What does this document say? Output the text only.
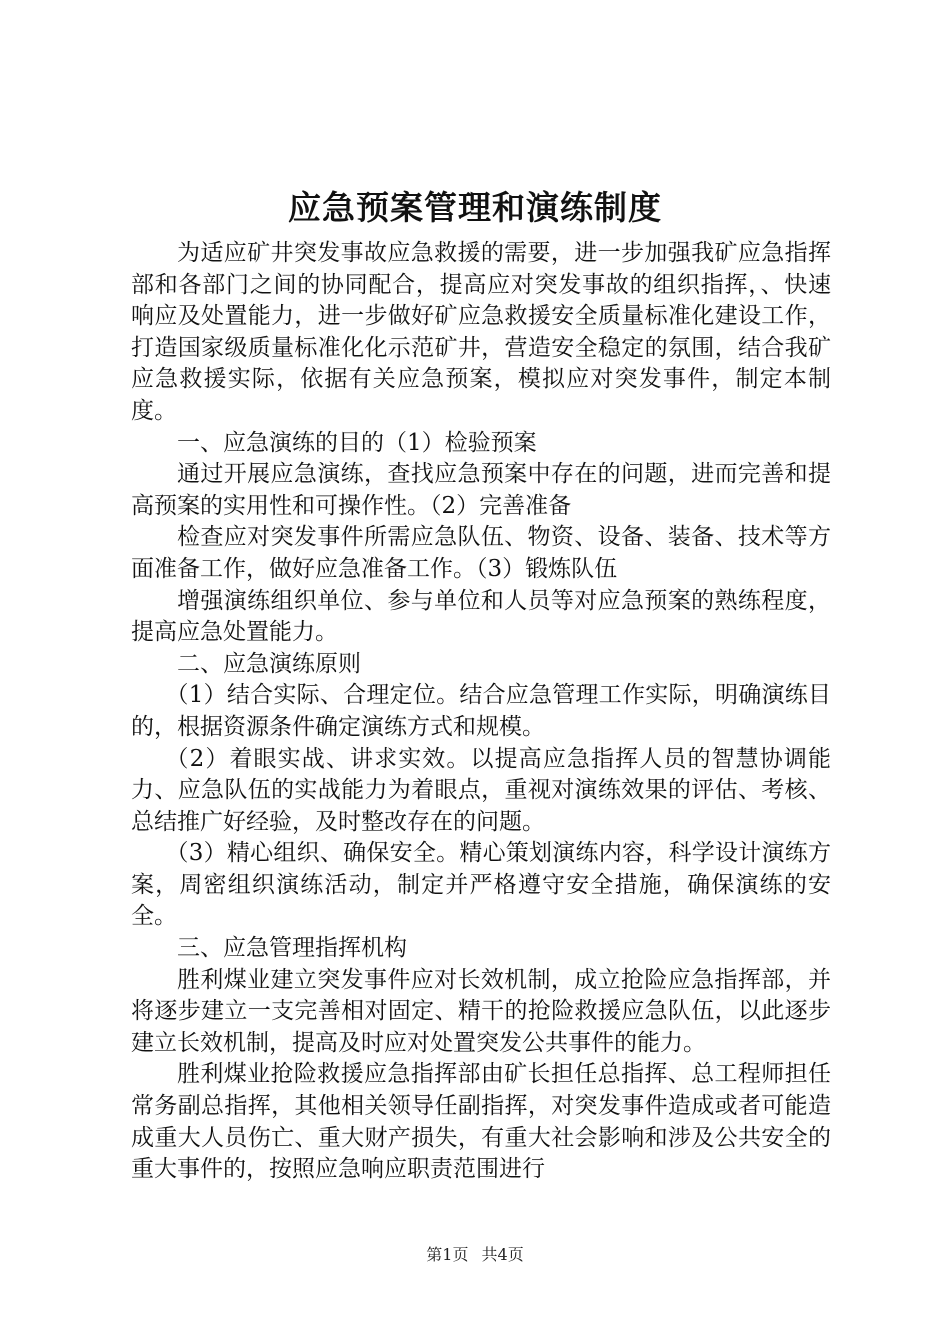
应急预案管理和演练制度

为适应矿井突发事故应急救援的需要，进一步加强我矿应急指挥部和各部门之间的协同配合，提高应对突发事故的组织指挥，、快速响应及处置能力，进一步做好矿应急救援安全质量标准化建设工作，打造国家级质量标准化化示范矿井，营造安全稳定的氛围，结合我矿应急救援实际，依据有关应急预案，模拟应对突发事件，制定本制度。

一、应急演练的目的（1）检验预案

通过开展应急演练，查找应急预案中存在的问题，进而完善和提高预案的实用性和可操作性。（2）完善准备

检查应对突发事件所需应急队伍、物资、设备、装备、技术等方面准备工作，做好应急准备工作。（3）锻炼队伍

增强演练组织单位、参与单位和人员等对应急预案的熟练程度，提高应急处置能力。

二、应急演练原则

（1）结合实际、合理定位。结合应急管理工作实际，明确演练目的，根据资源条件确定演练方式和规模。

（2）着眼实战、讲求实效。以提高应急指挥人员的智慧协调能力、应急队伍的实战能力为着眼点，重视对演练效果的评估、考核、总结推广好经验，及时整改存在的问题。

（3）精心组织、确保安全。精心策划演练内容，科学设计演练方案，周密组织演练活动，制定并严格遵守安全措施，确保演练的安全。

三、应急管理指挥机构

胜利煤业建立突发事件应对长效机制，成立抢险应急指挥部，并将逐步建立一支完善相对固定、精干的抢险救援应急队伍，以此逐步建立长效机制，提高及时应对处置突发公共事件的能力。

胜利煤业抢险救援应急指挥部由矿长担任总指挥、总工程师担任常务副总指挥，其他相关领导任副指挥，对突发事件造成或者可能造成重大人员伤亡、重大财产损失，有重大社会影响和涉及公共安全的重大事件的，按照应急响应职责范围进行

第1页 共4页
